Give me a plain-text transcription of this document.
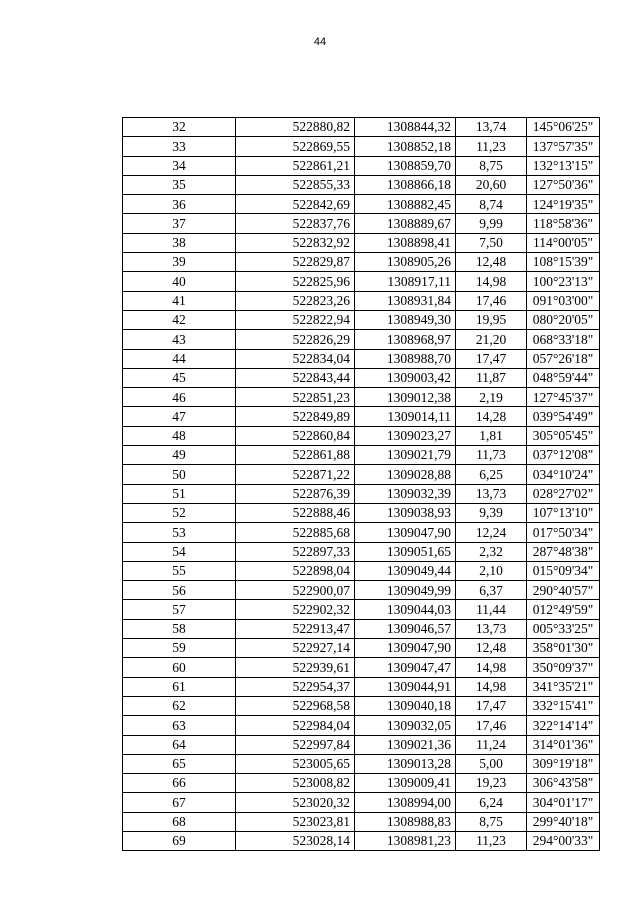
44
32	522880,82	1308844,32	13,74	145°06'25"
33	522869,55	1308852,18	11,23	137°57'35"
34	522861,21	1308859,70	8,75	132°13'15"
35	522855,33	1308866,18	20,60	127°50'36"
36	522842,69	1308882,45	8,74	124°19'35"
37	522837,76	1308889,67	9,99	118°58'36"
38	522832,92	1308898,41	7,50	114°00'05"
39	522829,87	1308905,26	12,48	108°15'39"
40	522825,96	1308917,11	14,98	100°23'13"
41	522823,26	1308931,84	17,46	091°03'00"
42	522822,94	1308949,30	19,95	080°20'05"
43	522826,29	1308968,97	21,20	068°33'18"
44	522834,04	1308988,70	17,47	057°26'18"
45	522843,44	1309003,42	11,87	048°59'44"
46	522851,23	1309012,38	2,19	127°45'37"
47	522849,89	1309014,11	14,28	039°54'49"
48	522860,84	1309023,27	1,81	305°05'45"
49	522861,88	1309021,79	11,73	037°12'08"
50	522871,22	1309028,88	6,25	034°10'24"
51	522876,39	1309032,39	13,73	028°27'02"
52	522888,46	1309038,93	9,39	107°13'10"
53	522885,68	1309047,90	12,24	017°50'34"
54	522897,33	1309051,65	2,32	287°48'38"
55	522898,04	1309049,44	2,10	015°09'34"
56	522900,07	1309049,99	6,37	290°40'57"
57	522902,32	1309044,03	11,44	012°49'59"
58	522913,47	1309046,57	13,73	005°33'25"
59	522927,14	1309047,90	12,48	358°01'30"
60	522939,61	1309047,47	14,98	350°09'37"
61	522954,37	1309044,91	14,98	341°35'21"
62	522968,58	1309040,18	17,47	332°15'41"
63	522984,04	1309032,05	17,46	322°14'14"
64	522997,84	1309021,36	11,24	314°01'36"
65	523005,65	1309013,28	5,00	309°19'18"
66	523008,82	1309009,41	19,23	306°43'58"
67	523020,32	1308994,00	6,24	304°01'17"
68	523023,81	1308988,83	8,75	299°40'18"
69	523028,14	1308981,23	11,23	294°00'33"
